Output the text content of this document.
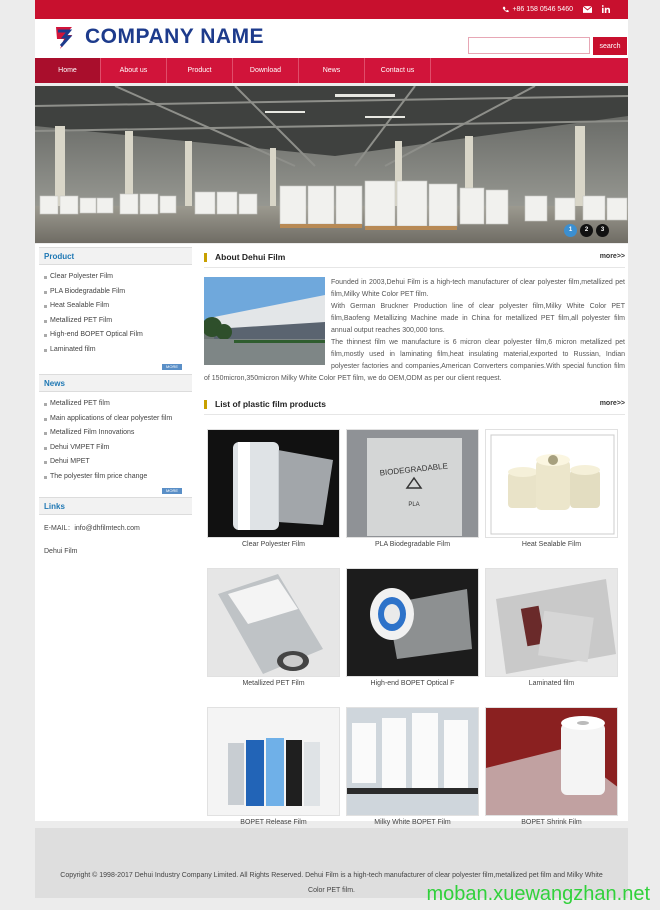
+86 158 0546 5460
COMPANY NAME	search
Home	About us	Product	Download	News	Contact us
1	2	3
Product
Clear Polyester Film
PLA Biodegradable Film
Heat Sealable Film
Metallized PET Film
High-end BOPET Optical Film
Laminated film
MORE
News
Metallized PET film
Main applications of clear polyester film
Metallized Film Innovations
Dehui VMPET Film
Dehui MPET
The polyester film price change
MORE
Links
E-MAIL：info@dhfilmtech.com
Dehui Film
About Dehui Film	more>>
Founded in 2003,Dehui Film is a high-tech manufacturer of clear polyester film,metallized pet film,Milky White Color PET film.
With German Bruckner Production line of clear polyester film,Milky White Color PET film,Baofeng Metallizing Machine made in China for metallized PET film,all polyester film annual output reaches 300,000 tons.
The thinnest film we manufacture is 6 micron clear polyester film,6 micron metallized pet film,mostly used in laminating film,heat insulating material,exported to Russian, Indian polyester factories and companies,American Converters companies.With special function film of 150micron,350micron Milky White Color PET film, we do OEM,ODM as per our client request.
List of plastic film products	more>>
Clear Polyester Film
BIODEGRADABLE
PLA
PLA Biodegradable Film	Heat Sealable Film
Metallized PET Film	High-end BOPET Optical F	Laminated film
BOPET Release Film	Milky White BOPET Film	BOPET Shrink Film

Copyright © 1998-2017 Dehui Industry Company Limited. All Rights Reserved. Dehui Film is a high-tech manufacturer of clear polyester film,metallized pet film and Milky White Color PET film.	moban.xuewangzhan.net
